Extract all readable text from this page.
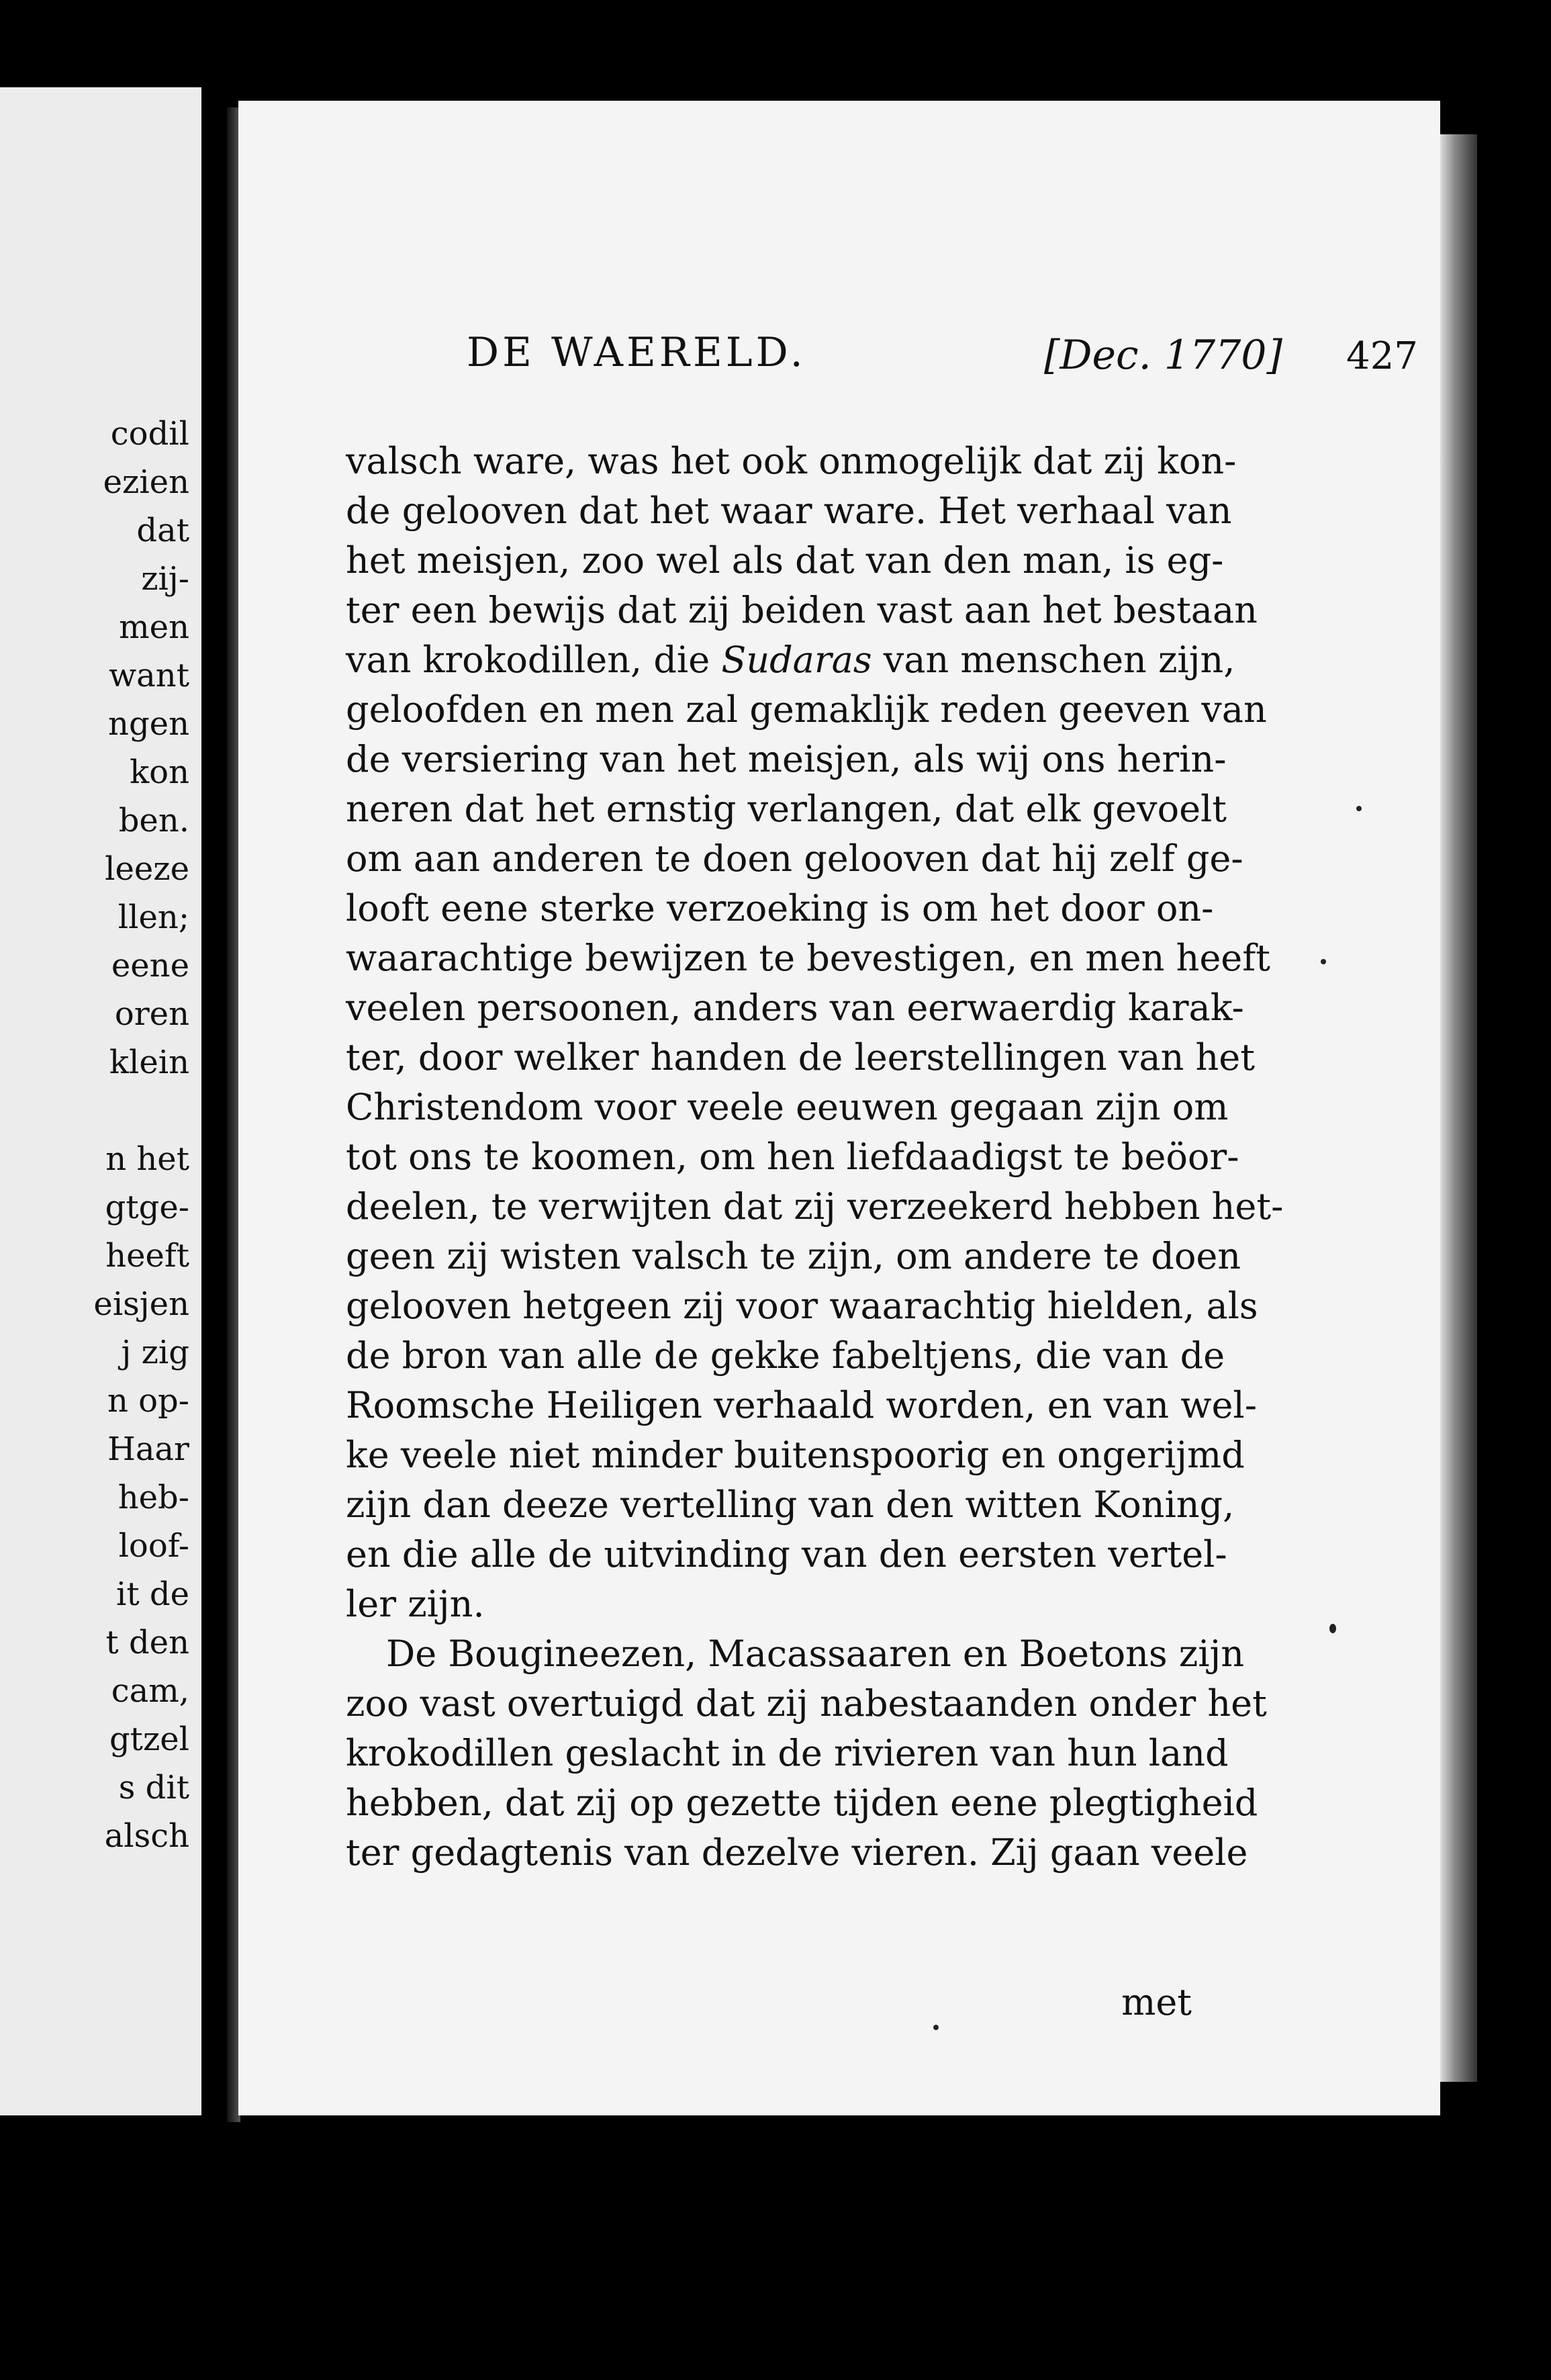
codil
ezien
dat
zij-
men
want
ngen
kon
ben.
leeze
llen;
eene
oren
klein
n het
gtge-
heeft
eisjen
j zig
n op-
Haar
heb-
loof-
it de
t den
cam,
gtzel
s dit
alsch
DE WAERELD.	[Dec. 1770] 427
valsch ware, was het ook onmogelijk dat zij kon-
de gelooven dat het waar ware. Het verhaal van
het meisjen, zoo wel als dat van den man, is eg-
ter een bewijs dat zij beiden vast aan het bestaan
van krokodillen, die Sudaras van menschen zijn,
geloofden en men zal gemaklijk reden geeven van
de versiering van het meisjen, als wij ons herin-
neren dat het ernstig verlangen, dat elk gevoelt
om aan anderen te doen gelooven dat hij zelf ge-
looft eene sterke verzoeking is om het door on-
waarachtige bewijzen te bevestigen, en men heeft
veelen persoonen, anders van eerwaerdig karak-
ter, door welker handen de leerstellingen van het
Christendom voor veele eeuwen gegaan zijn om
tot ons te koomen, om hen liefdaadigst te beöor-
deelen, te verwijten dat zij verzeekerd hebben het-
geen zij wisten valsch te zijn, om andere te doen
gelooven hetgeen zij voor waarachtig hielden, als
de bron van alle de gekke fabeltjens, die van de
Roomsche Heiligen verhaald worden, en van wel-
ke veele niet minder buitenspoorig en ongerijmd
zijn dan deeze vertelling van den witten Koning,
en die alle de uitvinding van den eersten vertel-
ler zijn.
De Bougineezen, Macassaaren en Boetons zijn
zoo vast overtuigd dat zij nabestaanden onder het
krokodillen geslacht in de rivieren van hun land
hebben, dat zij op gezette tijden eene plegtigheid
ter gedagtenis van dezelve vieren. Zij gaan veele
met
